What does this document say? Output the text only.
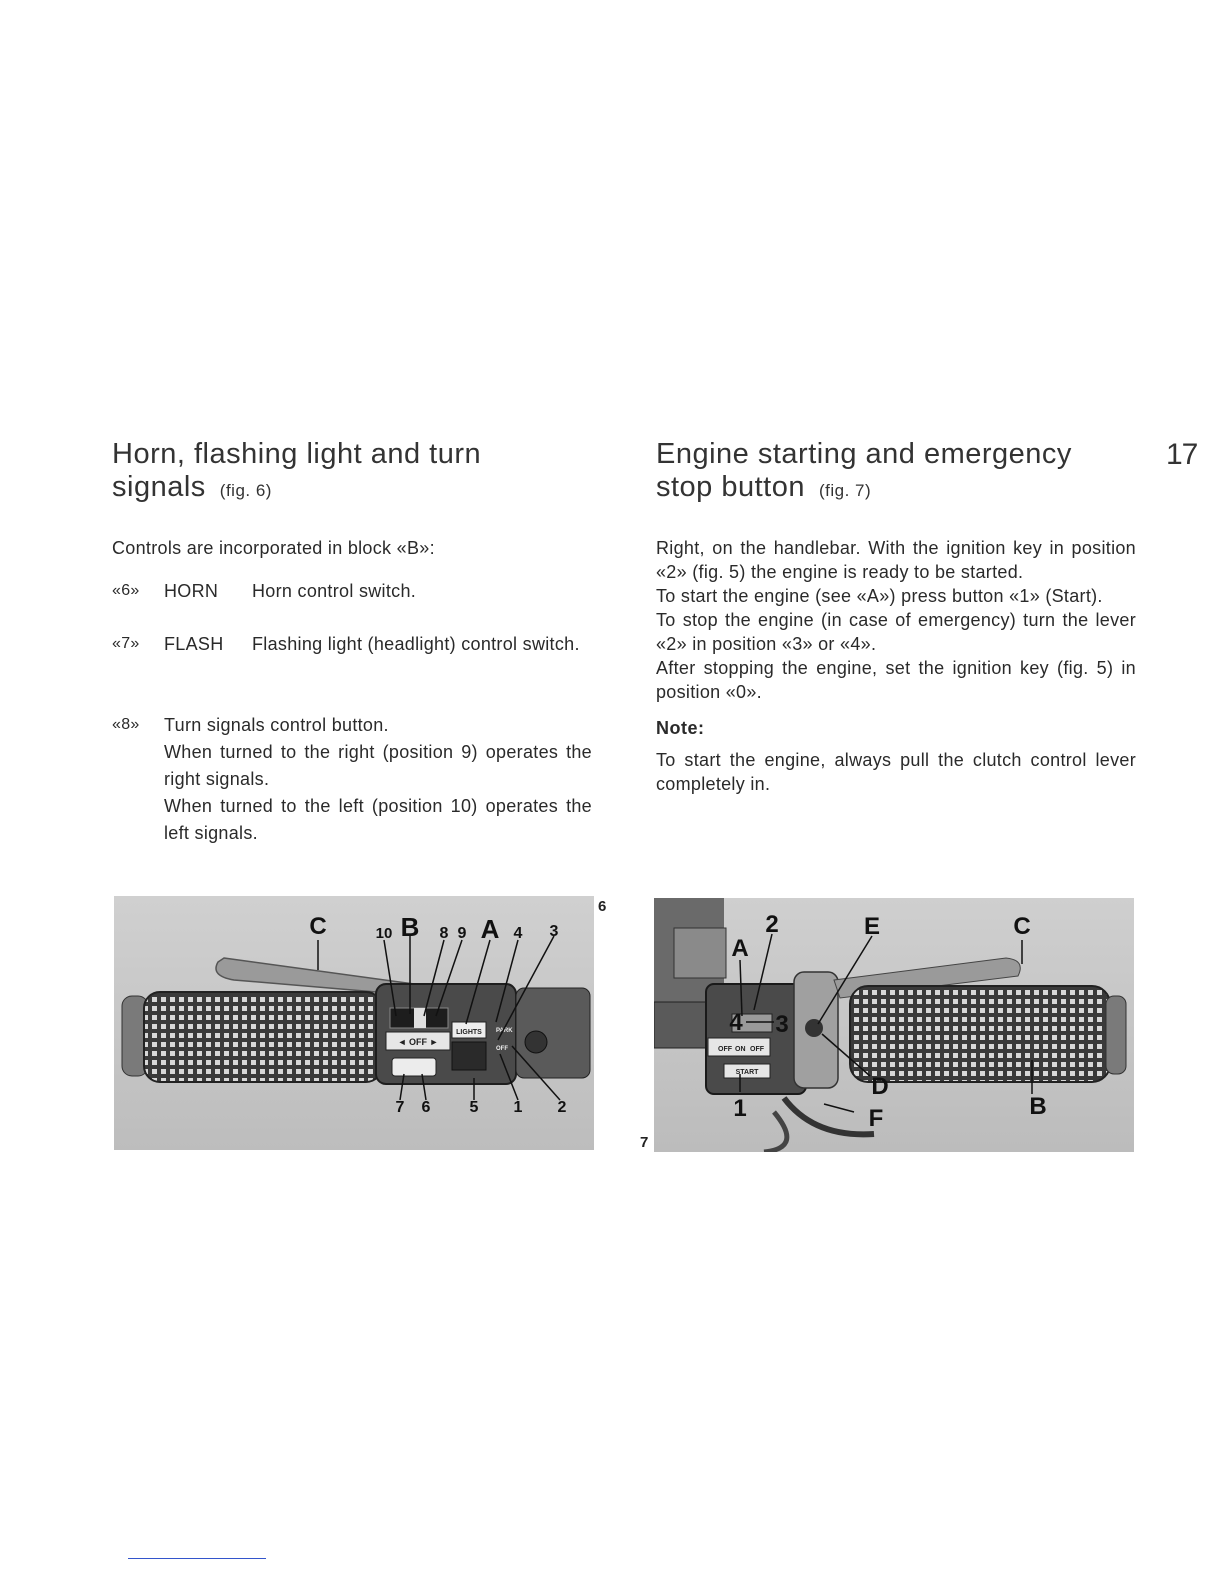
17
Horn, flashing light and turn
signals (fig. 6)
Controls are incorporated in block «B»:
«6» HORN Horn control switch.
«7» FLASH Flashing light (headlight) control switch.
«8» Turn signals control button.
When turned to the right (position 9) operates the right signals.
When turned to the left (position 10) operates the left signals.
Engine starting and emergency
stop button (fig. 7)

Right, on the handlebar. With the ignition key in position «2» (fig. 5) the engine is ready to be started.

To start the engine (see «A») press button «1» (Start).

To stop the engine (in case of emergency) turn the lever «2» in position «3» or «4».

After stopping the engine, set the ignition key (fig. 5) in position «0».

Note:

To start the engine, always pull the clutch control lever completely in.

◄ OFF ►
LIGHTS PARK
OFF
C	10 B 8 9 A 4 3
7 6 5 1 2
6
OFF ON OFF
START
A
2	E	C
4 3
D
1	F	B
7
